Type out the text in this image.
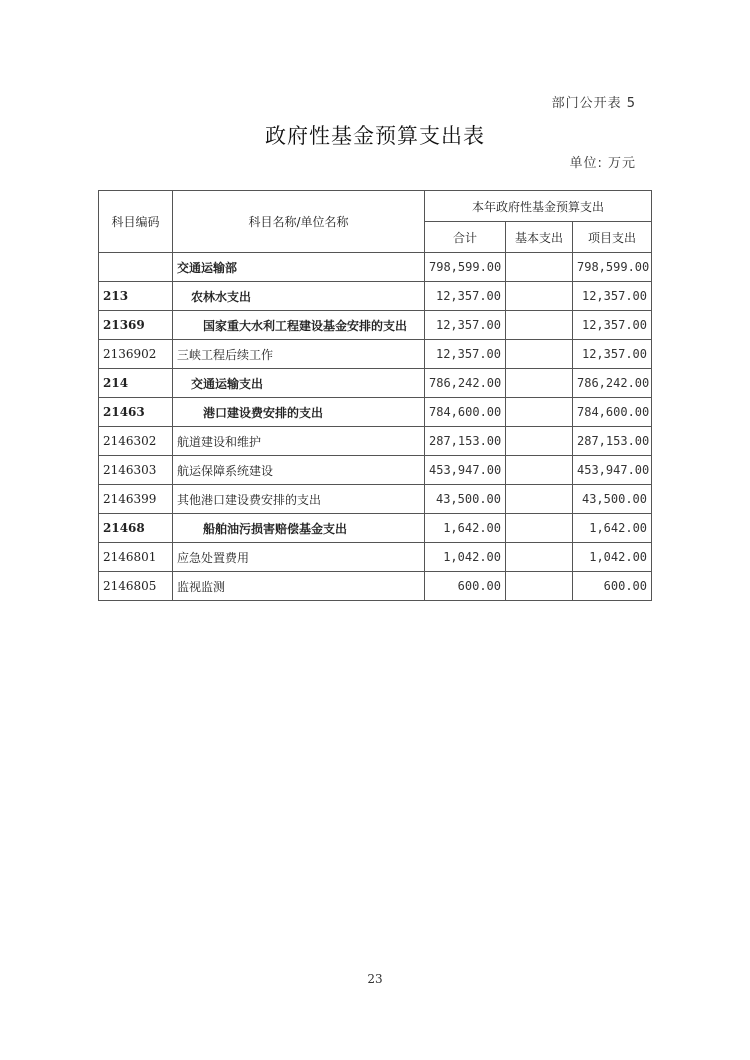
部门公开表 5
政府性基金预算支出表
单位: 万元
科目编码	科目名称/单位名称	本年政府性基金预算支出		
		合计	基本支出	项目支出
	交通运输部	798,599.00		798,599.00
213	农林水支出	12,357.00		12,357.00
21369	国家重大水利工程建设基金安排的支出	12,357.00		12,357.00
2136902	三峡工程后续工作	12,357.00		12,357.00
214	交通运输支出	786,242.00		786,242.00
21463	港口建设费安排的支出	784,600.00		784,600.00
2146302	航道建设和维护	287,153.00		287,153.00
2146303	航运保障系统建设	453,947.00		453,947.00
2146399	其他港口建设费安排的支出	43,500.00		43,500.00
21468	船舶油污损害赔偿基金支出	1,642.00		1,642.00
2146801	应急处置费用	1,042.00		1,042.00
2146805	监视监测	600.00		600.00
23
